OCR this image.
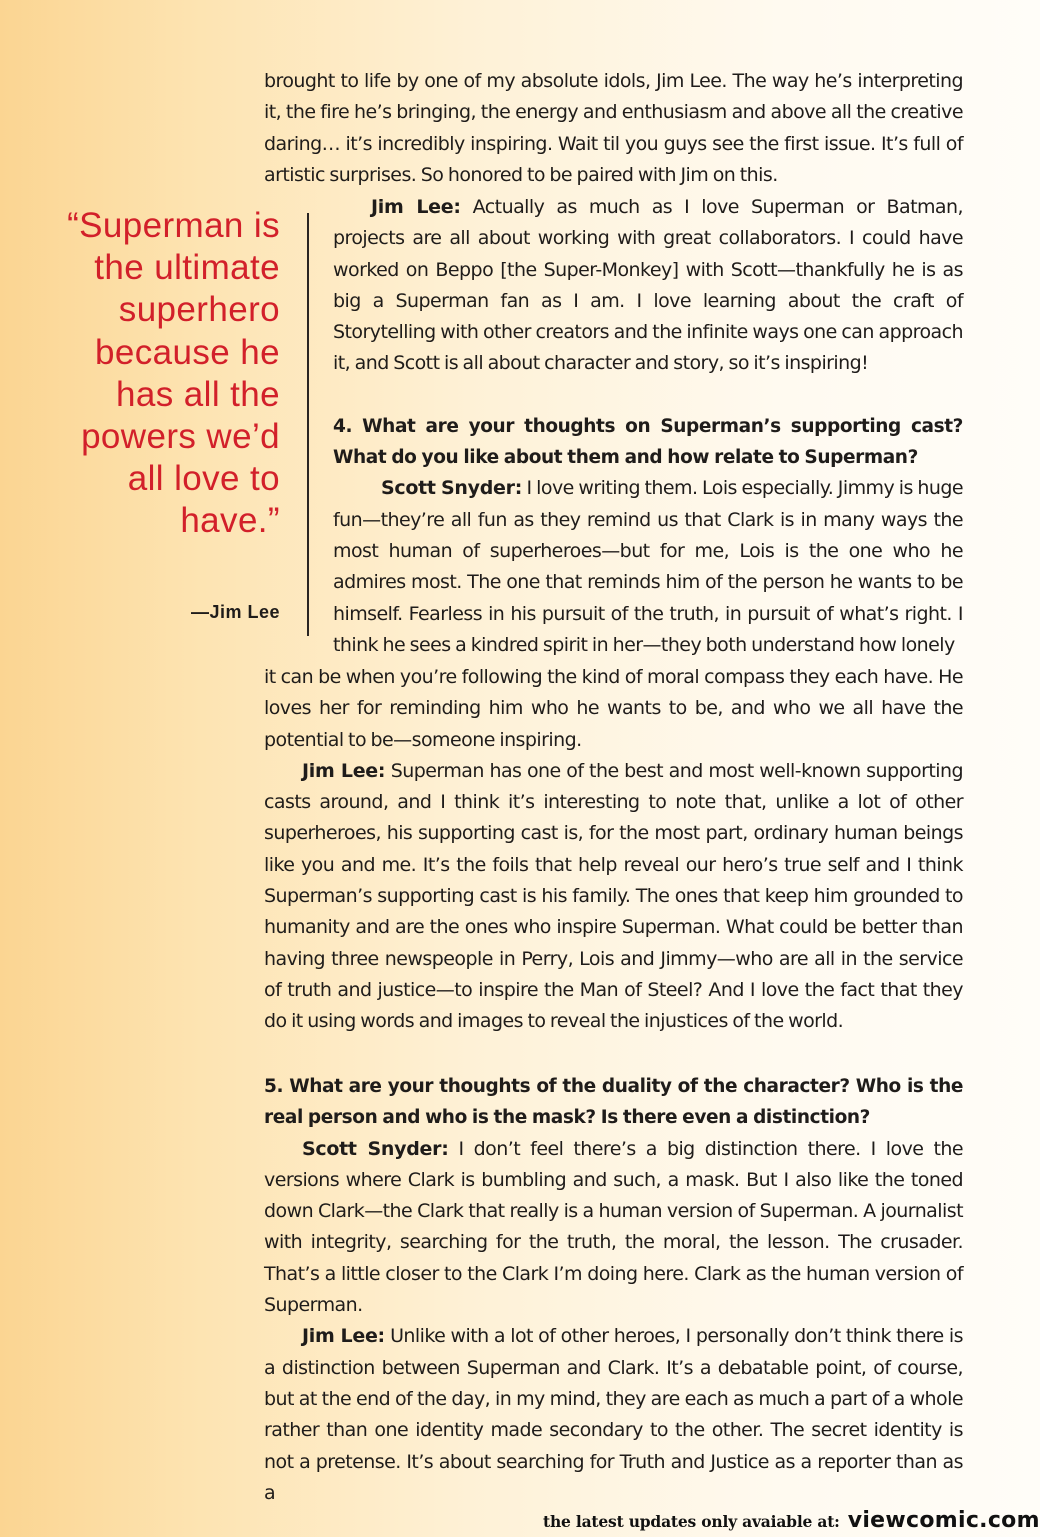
brought to life by one of my absolute idols, Jim Lee. The way he’s interpreting it, the fire he’s bringing, the energy and enthusiasm and above all the creative daring… it’s incredibly inspiring. Wait til you guys see the first issue. It’s full of artistic surprises. So honored to be paired with Jim on this.

“Superman is the ultimate superhero because he has all the powers we’d all love to have.”
—Jim Lee

Jim Lee: Actually as much as I love Superman or Batman, projects are all about working with great collaborators. I could have worked on Beppo [the Super-Monkey] with Scott—thankfully he is as big a Superman fan as I am. I love learning about the craft of Storytelling with other creators and the infinite ways one can approach it, and Scott is all about character and story, so it’s inspiring!

4. What are your thoughts on Superman’s supporting cast? What do you like about them and how relate to Superman?

Scott Snyder: I love writing them. Lois especially. Jimmy is huge fun—they’re all fun as they remind us that Clark is in many ways the most human of superheroes—but for me, Lois is the one who he admires most. The one that reminds him of the person he wants to be himself. Fearless in his pursuit of the truth, in pursuit of what’s right. I think he sees a kindred spirit in her—they both understand how lonely

it can be when you’re following the kind of moral compass they each have. He loves her for reminding him who he wants to be, and who we all have the potential to be—someone inspiring.

Jim Lee: Superman has one of the best and most well-known supporting casts around, and I think it’s interesting to note that, unlike a lot of other superheroes, his supporting cast is, for the most part, ordinary human beings like you and me. It’s the foils that help reveal our hero’s true self and I think Superman’s supporting cast is his family. The ones that keep him grounded to humanity and are the ones who inspire Superman. What could be better than having three newspeople in Perry, Lois and Jimmy—who are all in the service of truth and justice—to inspire the Man of Steel? And I love the fact that they do it using words and images to reveal the injustices of the world.

5. What are your thoughts of the duality of the character? Who is the real person and who is the mask? Is there even a distinction?

Scott Snyder: I don’t feel there’s a big distinction there. I love the versions where Clark is bumbling and such, a mask. But I also like the toned down Clark—the Clark that really is a human version of Superman. A journalist with integrity, searching for the truth, the moral, the lesson. The crusader. That’s a little closer to the Clark I’m doing here. Clark as the human version of Superman.

Jim Lee: Unlike with a lot of other heroes, I personally don’t think there is a distinction between Superman and Clark. It’s a debatable point, of course, but at the end of the day, in my mind, they are each as much a part of a whole rather than one identity made secondary to the other. The secret identity is not a pretense. It’s about searching for Truth and Justice as a reporter than as a

the latest updates only avaiable at: viewcomic.com
